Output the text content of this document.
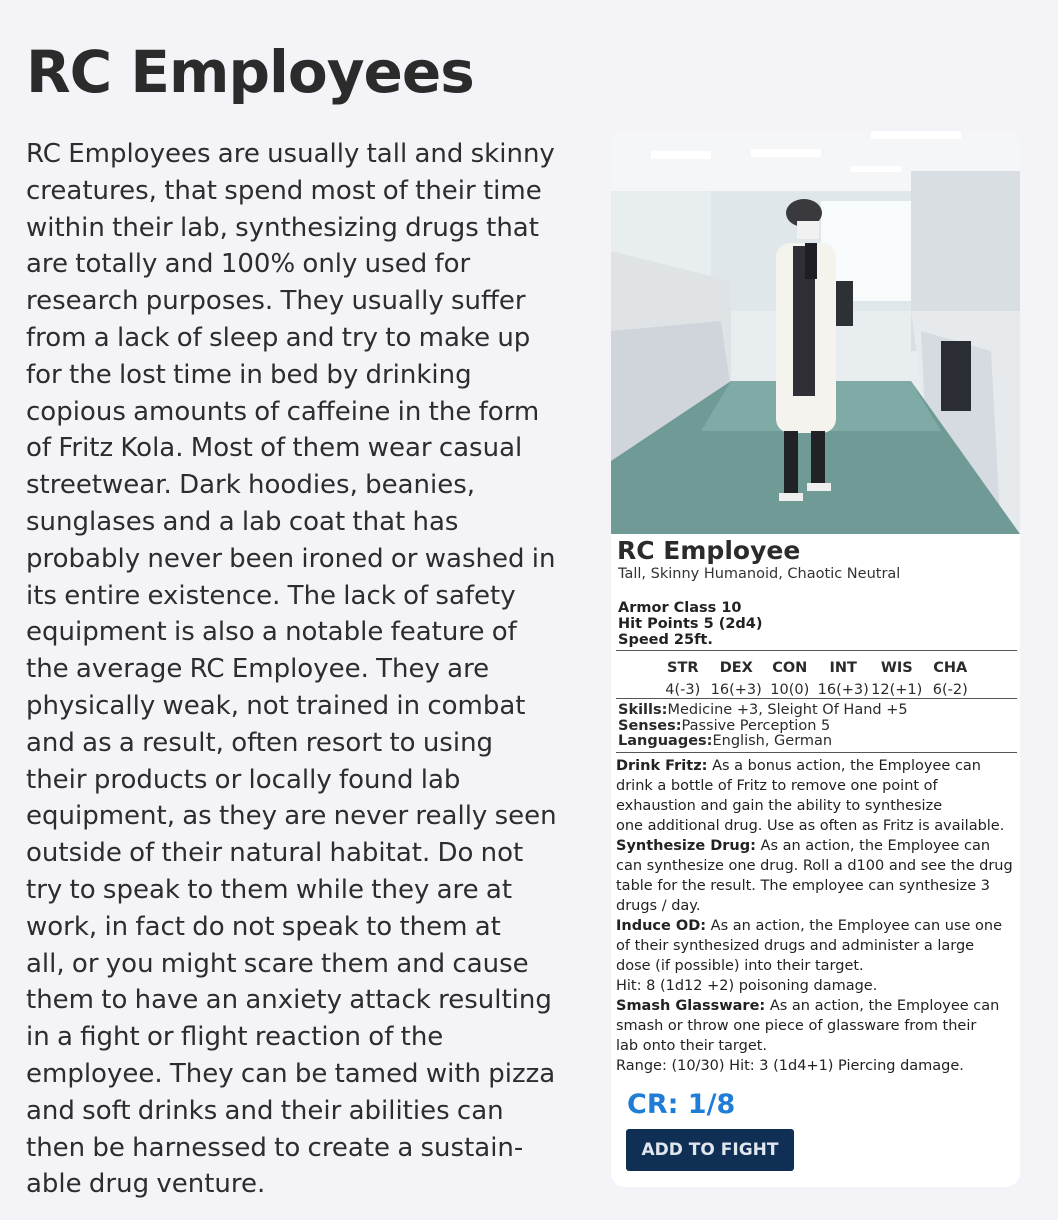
RC Employees
RC Employees are usually tall and skinny
creatures, that spend most of their time
within their lab, synthesizing drugs that
are totally and 100% only used for
research purposes. They usually suffer
from a lack of sleep and try to make up
for the lost time in bed by drinking
copious amounts of caffeine in the form
of Fritz Kola. Most of them wear casual
streetwear. Dark hoodies, beanies,
sunglases and a lab coat that has
probably never been ironed or washed in
its entire existence. The lack of safety
equipment is also a notable feature of
the average RC Employee. They are
physically weak, not trained in combat
and as a result, often resort to using
their products or locally found lab
equipment, as they are never really seen
outside of their natural habitat. Do not
try to speak to them while they are at
work, in fact do not speak to them at
all, or you might scare them and cause
them to have an anxiety attack resulting
in a fight or flight reaction of the
employee. They can be tamed with pizza
and soft drinks and their abilities can
then be harnessed to create a sustain-
able drug venture.
RC Employee
Tall, Skinny Humanoid, Chaotic Neutral
Armor Class 10
Hit Points 5 (2d4)
Speed 25ft.
STR
4(-3)
DEX
16(+3)
CON
10(0)
INT
16(+3)
WIS
12(+1)
CHA
6(-2)
Skills:Medicine +3, Sleight Of Hand +5
Senses:Passive Perception 5
Languages:English, German

Drink Fritz: As a bonus action, the Employee can

drink a bottle of Fritz to remove one point of

exhaustion and gain the ability to synthesize

one additional drug. Use as often as Fritz is available.

Synthesize Drug: As an action, the Employee can

can synthesize one drug. Roll a d100 and see the drug

table for the result. The employee can synthesize 3

drugs / day.

Induce OD: As an action, the Employee can use one

of their synthesized drugs and administer a large

dose (if possible) into their target.

Hit: 8 (1d12 +2) poisoning damage.

Smash Glassware: As an action, the Employee can

smash or throw one piece of glassware from their

lab onto their target.

Range: (10/30) Hit: 3 (1d4+1) Piercing damage.

CR: 1/8
ADD TO FIGHT
